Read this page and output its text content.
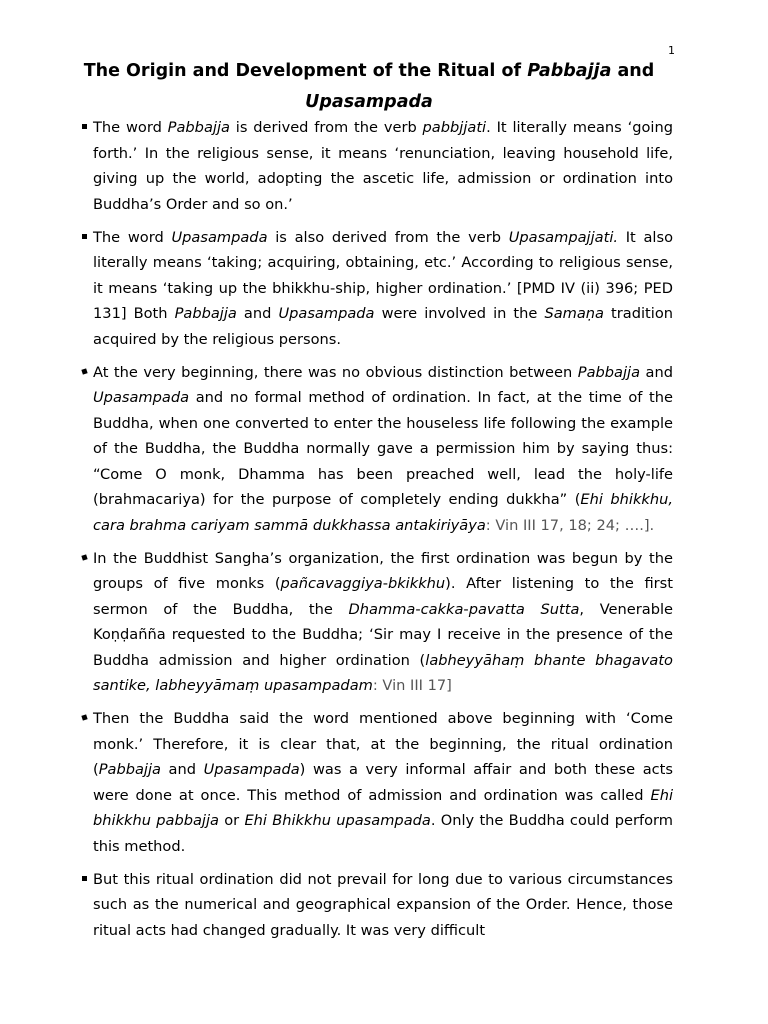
1
The Origin and Development of the Ritual of Pabbajja and
Upasampada

The word Pabbajja is derived from the verb pabbjjati. It literally means ‘going forth.’ In the religious sense, it means ‘renunciation, leaving household life, giving up the world, adopting the ascetic life, admission or ordination into Buddha’s Order and so on.’

The word Upasampada is also derived from the verb Upasampajjati. It also literally means ‘taking; acquiring, obtaining, etc.’ According to religious sense, it means ‘taking up the bhikkhu-ship, higher ordination.’ [PMD IV (ii) 396; PED 131] Both Pabbajja and Upasampada were involved in the Samaṇa tradition acquired by the religious persons.

At the very beginning, there was no obvious distinction between Pabbajja and Upasampada and no formal method of ordination. In fact, at the time of the Buddha, when one converted to enter the houseless life following the example of the Buddha, the Buddha normally gave a permission him by saying thus: “Come O monk, Dhamma has been preached well, lead the holy-life (brahmacariya) for the purpose of completely ending dukkha” (Ehi bhikkhu, cara brahma cariyam sammā dukkhassa antakiriyāya: Vin III 17, 18; 24; ….].

In the Buddhist Sangha’s organization, the first ordination was begun by the groups of five monks (pañcavaggiya-bkikkhu). After listening to the first sermon of the Buddha, the Dhamma-cakka-pavatta Sutta, Venerable Koṇḍañña requested to the Buddha; ‘Sir may I receive in the presence of the Buddha admission and higher ordination (labheyyāhaṃ bhante bhagavato santike, labheyyāmaṃ upasampadam: Vin III 17]

Then the Buddha said the word mentioned above beginning with ‘Come monk.’ Therefore, it is clear that, at the beginning, the ritual ordination (Pabbajja and Upasampada) was a very informal affair and both these acts were done at once. This method of admission and ordination was called Ehi bhikkhu pabbajja or Ehi Bhikkhu upasampada. Only the Buddha could perform this method.

But this ritual ordination did not prevail for long due to various circumstances such as the numerical and geographical expansion of the Order. Hence, those ritual acts had changed gradually. It was very difficult
